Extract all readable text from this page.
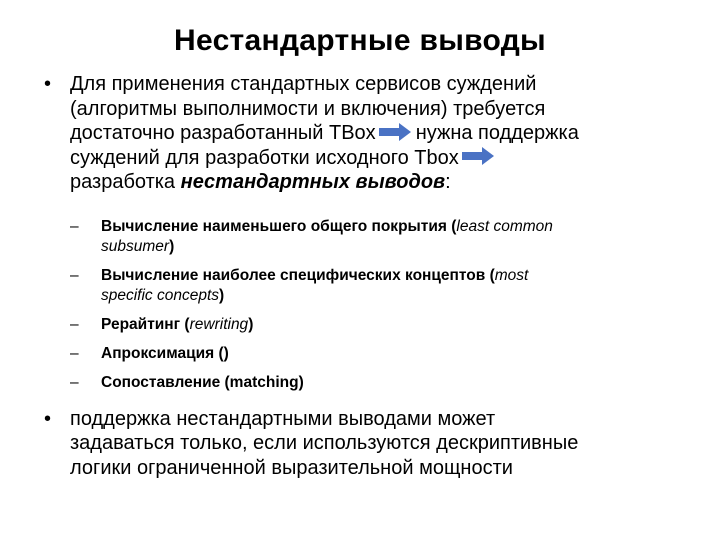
Нестандартные выводы
• Для применения стандартных сервисов суждений
(алгоритмы выполнимости и включения) требуется
достаточно разработанный TBox нужна поддержка
суждений для разработки исходного Tbox
разработка нестандартных выводов:
– Вычисление наименьшего общего покрытия (least common
subsumer)
– Вычисление наиболее специфических концептов (most
specific concepts)
– Рерайтинг (rewriting)
– Апроксимация ()
– Сопоставление (matching)
• поддержка нестандартными выводами может
задаваться только, если используются дескриптивные
логики ограниченной выразительной мощности
